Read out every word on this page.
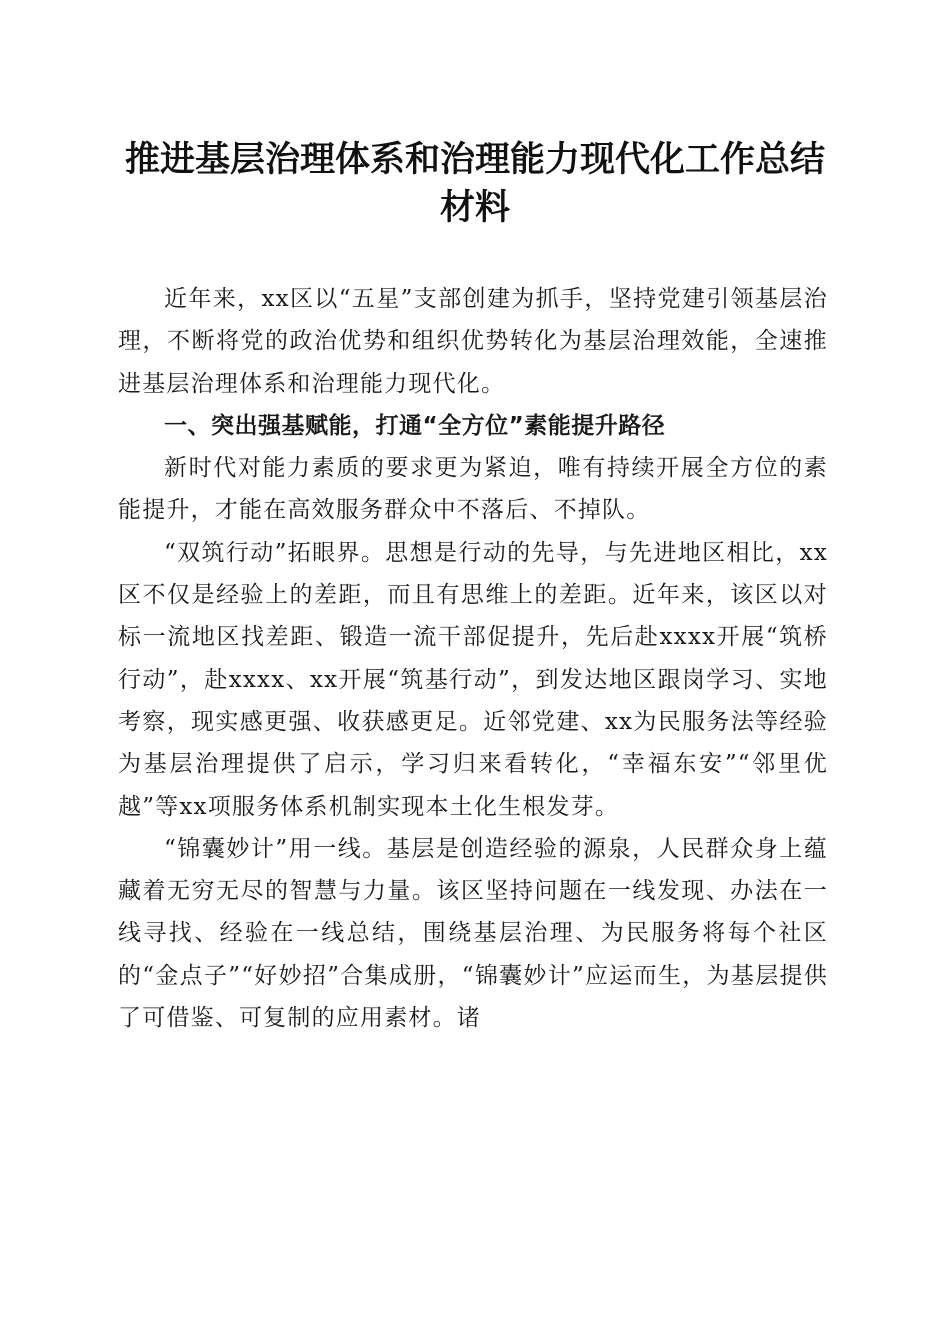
推进基层治理体系和治理能力现代化工作总结
材料

近年来，xx区以“五星”支部创建为抓手，坚持党建引领基层治理，不断将党的政治优势和组织优势转化为基层治理效能，全速推进基层治理体系和治理能力现代化。

一、突出强基赋能，打通“全方位”素能提升路径

新时代对能力素质的要求更为紧迫，唯有持续开展全方位的素能提升，才能在高效服务群众中不落后、不掉队。

“双筑行动”拓眼界。思想是行动的先导，与先进地区相比，xx区不仅是经验上的差距，而且有思维上的差距。近年来，该区以对标一流地区找差距、锻造一流干部促提升，先后赴xxxx开展“筑桥行动”，赴xxxx、xx开展“筑基行动”，到发达地区跟岗学习、实地考察，现实感更强、收获感更足。近邻党建、xx为民服务法等经验为基层治理提供了启示，学习归来看转化，“幸福东安”“邻里优越”等xx项服务体系机制实现本土化生根发芽。

“锦囊妙计”用一线。基层是创造经验的源泉，人民群众身上蕴藏着无穷无尽的智慧与力量。该区坚持问题在一线发现、办法在一线寻找、经验在一线总结，围绕基层治理、为民服务将每个社区的“金点子”“好妙招”合集成册，“锦囊妙计”应运而生，为基层提供了可借鉴、可复制的应用素材。诸
